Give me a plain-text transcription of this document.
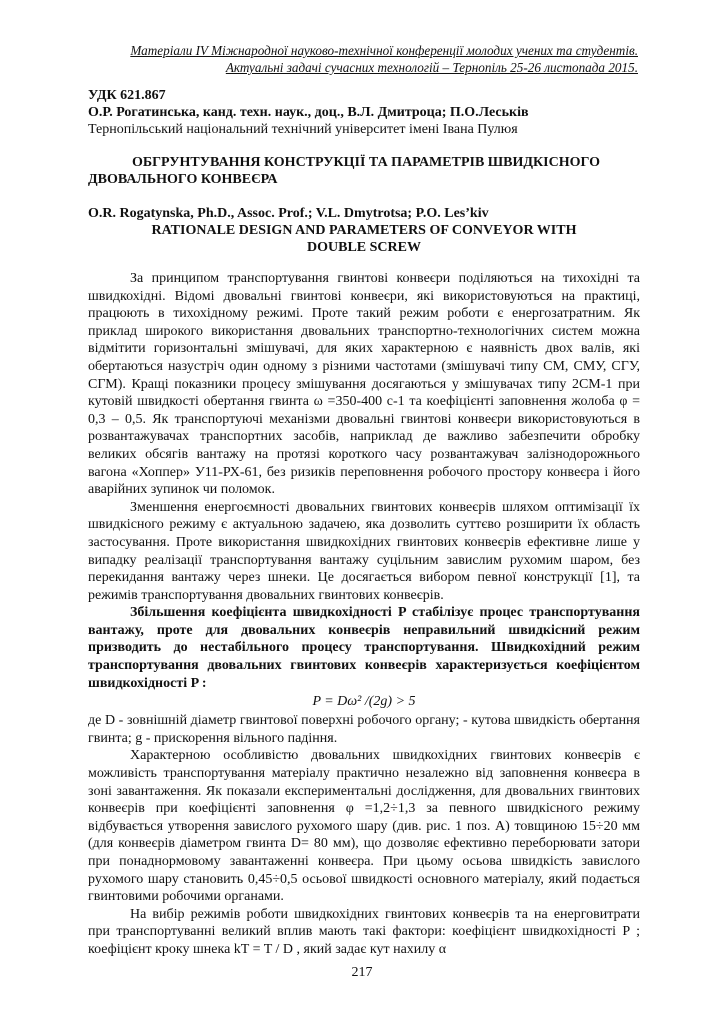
Матеріали IV Міжнародної науково-технічної конференції молодих учених та студентів.
Актуальні задачі сучасних технологій – Тернопіль 25-26 листопада 2015.
УДК 621.867
О.Р. Рогатинська, канд. техн. наук., доц., В.Л. Дмитроца; П.О.Леськів
Тернопільський національний технічний університет імені Івана Пулюя
ОБГРУНТУВАННЯ КОНСТРУКЦІЇ ТА ПАРАМЕТРІВ ШВИДКІСНОГО
ДВОВАЛЬНОГО КОНВЕЄРА
O.R. Rogatynska, Ph.D., Assoc. Prof.; V.L. Dmytrotsa; P.O. Les’kiv
RATIONALE DESIGN AND PARAMETERS OF CONVEYOR WITH
DOUBLE SCREW

За принципом транспортування гвинтові конвеєри поділяються на тихохідні та швидкохідні. Відомі двовальні гвинтові конвеєри, які використовуються на практиці, працюють в тихохідному режимі. Проте такий режим роботи є енергозатратним. Як приклад широкого використання двовальних транспортно-технологічних систем можна відмітити горизонтальні змішувачі, для яких характерною є наявність двох валів, які обертаються назустріч один одному з різними частотами (змішувачі типу СМ, СМУ, СГУ, СГМ). Кращі показники процесу змішування досягаються у змішувачах типу 2СМ-1 при кутовій швидкості обертання гвинта ω =350-400 с-1 та коефіцієнті заповнення жолоба φ = 0,3 – 0,5. Як транспортуючі механізми двовальні гвинтові конвеєри використовуються в розвантажувачах транспортних засобів, наприклад де важливо забезпечити обробку великих обсягів вантажу на протязі короткого часу розвантажувач залізнодорожнього вагона «Хоппер» У11-РХ-61, без ризиків переповнення робочого простору конвеєра і його аварійних зупинок чи поломок.

Зменшення енергоємності двовальних гвинтових конвеєрів шляхом оптимізації їх швидкісного режиму є актуальною задачею, яка дозволить суттєво розширити їх область застосування. Проте використання швидкохідних гвинтових конвеєрів ефективне лише у випадку реалізації транспортування вантажу суцільним завислим рухомим шаром, без перекидання вантажу через шнеки. Це досягається вибором певної конструкції [1], та режимів транспортування двовальних гвинтових конвеєрів.

Збільшення коефіцієнта швидкохідності P стабілізує процес транспортування вантажу, проте для двовальних конвеєрів неправильний швидкісний режим призводить до нестабільного процесу транспортування. Швидкохідний режим транспортування двовальних гвинтових конвеєрів характеризується коефіцієнтом швидкохідності P :

P = Dω² /(2g) > 5

де D - зовнішній діаметр гвинтової поверхні робочого органу; - кутова швидкість обертання гвинта; g - прискорення вільного падіння.

Характерною особливістю двовальних швидкохідних гвинтових конвеєрів є можливість транспортування матеріалу практично незалежно від заповнення конвеєра в зоні завантаження. Як показали експериментальні дослідження, для двовальних гвинтових конвеєрів при коефіцієнті заповнення φ =1,2÷1,3 за певного швидкісного режиму відбувається утворення завислого рухомого шару (див. рис. 1 поз. А) товщиною 15÷20 мм (для конвеєрів діаметром гвинта D= 80 мм), що дозволяє ефективно переборювати затори при понаднормовому завантаженні конвеєра. При цьому осьова швидкість завислого рухомого шару становить 0,45÷0,5 осьової швидкості основного матеріалу, який подається гвинтовими робочими органами.

На вибір режимів роботи швидкохідних гвинтових конвеєрів та на енерговитрати при транспортуванні великий вплив мають такі фактори: коефіцієнт швидкохідності P ; коефіцієнт кроку шнека kT = T / D , який задає кут нахилу α

217
